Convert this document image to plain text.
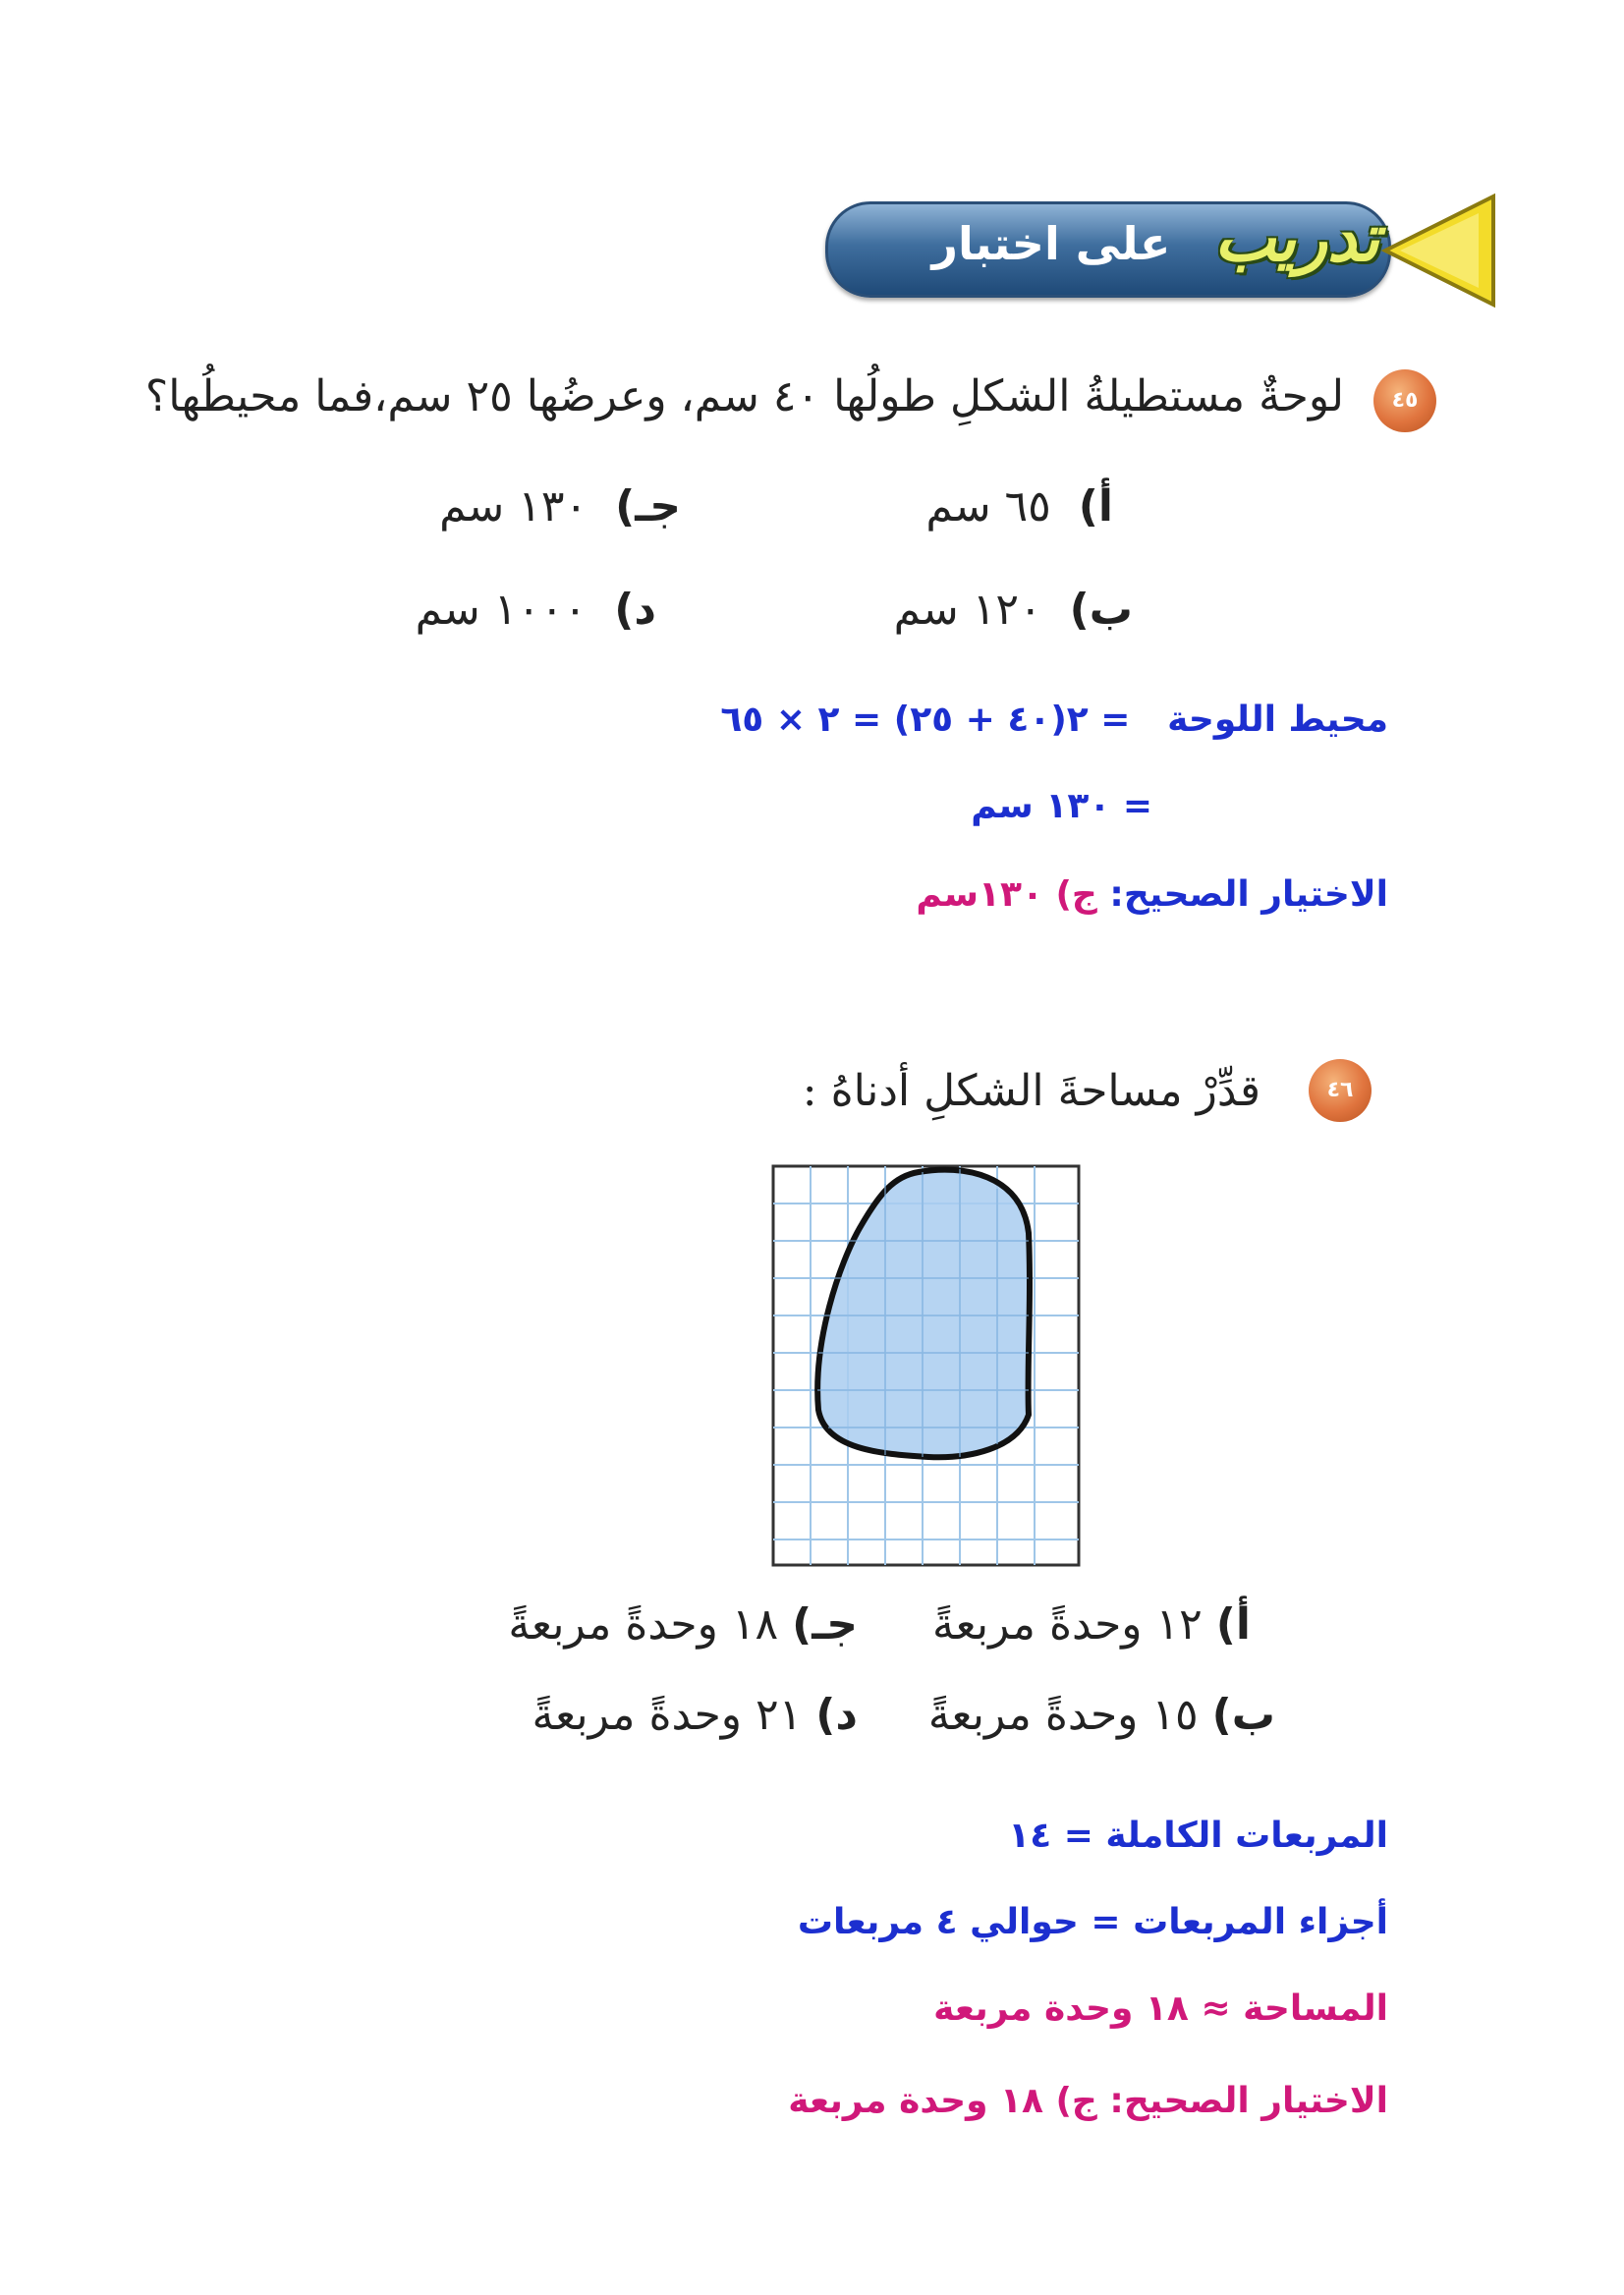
على اختبار تدريب
٤٥
لوحةٌ مستطيلةُ الشكلِ طولُها ٤٠ سم، وعرضُها ٢٥ سم،فما محيطُها؟
أ)  ٦٥ سم
جـ)  ١٣٠ سم
ب)  ١٢٠ سم
د)  ١٠٠٠ سم
محيط اللوحة   = ٢(٤٠ + ٢٥) = ٢ × ٦٥
= ١٣٠ سم
الاختيار الصحيح: ج) ١٣٠سم
٤٦
قدِّرْ مساحةَ الشكلِ أدناهُ :
أ) ١٢ وحدةً مربعةً
جـ) ١٨ وحدةً مربعةً
ب) ١٥ وحدةً مربعةً
د) ٢١ وحدةً مربعةً
المربعات الكاملة = ١٤
أجزاء المربعات = حوالي ٤ مربعات
المساحة ≈ ١٨ وحدة مربعة
الاختيار الصحيح: ج) ١٨ وحدة مربعة
